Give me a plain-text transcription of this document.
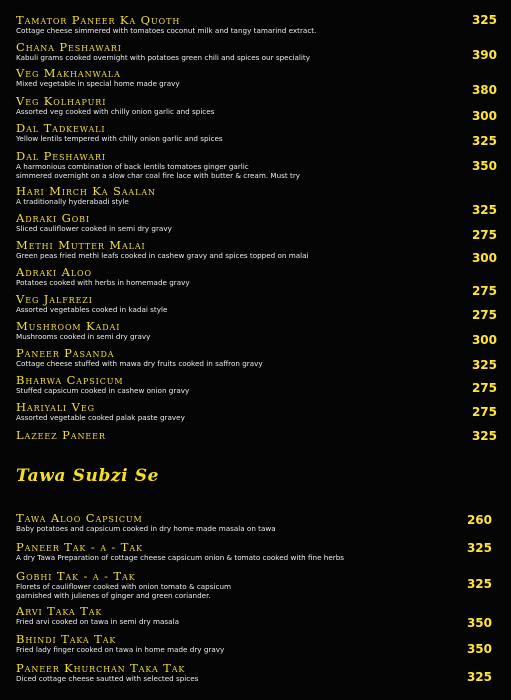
Tamator Paneer Ka Quoth
Cottage cheese simmered with tomatoes coconut milk and tangy tamarind extract.
325
Chana Peshawari
Kabuli grams cooked overnight with potatoes green chili and spices our speciality	390
Veg Makhanwala
Mixed vegetable in special home made gravy	380
Veg Kolhapuri
Assorted veg cooked with chilly onion garlic and spices	300
Dal Tadkewali
Yellow lentils tempered with chilly onion garlic and spices	325
Dal Peshawari
A harmonious combination of back lentils tomatoes ginger garlic
simmered overnight on a slow char coal fire lace with butter & cream. Must try
350
Hari Mirch Ka Saalan
A traditionally hyderabadi style
325
Adraki Gobi
Sliced cauliflower cooked in semi dry gravy	275
Methi Mutter Malai
Green peas fried methi leafs cooked in cashew gravy and spices topped on malai	300
Adraki Aloo
Potatoes cooked with herbs in homemade gravy
275
Veg Jalfrezi
Assorted vegetables cooked in kadai style	275
Mushroom Kadai
Mushrooms cooked in semi dry gravy	300
Paneer Pasanda
Cottage cheese stuffed with mawa dry fruits cooked in saffron gravy	325
Bharwa Capsicum
Stuffed capsicum cooked in cashew onion gravy	275
Hariyali Veg
Assorted vegetable cooked palak paste gravey	275
Lazeez Paneer	325
Tawa Subzi Se
Tawa Aloo Capsicum
Baby potatoes and capsicum cooked in dry home made masala on tawa
260
Paneer Tak - a - Tak
A dry Tawa Preparation of cottage cheese capsicum onion & tomato cooked with fine herbs
325
Gobhi Tak - a - Tak
Florets of cauliflower cooked with onion tomato & capsicum
garnished with julienes of ginger and green coriander.
325
Arvi Taka Tak
Fried arvi cooked on tawa in semi dry masala	350
Bhindi Taka Tak
Fried lady finger cooked on tawa in home made dry gravy	350
Paneer Khurchan Taka Tak
Diced cottage cheese sautted with selected spices	325
